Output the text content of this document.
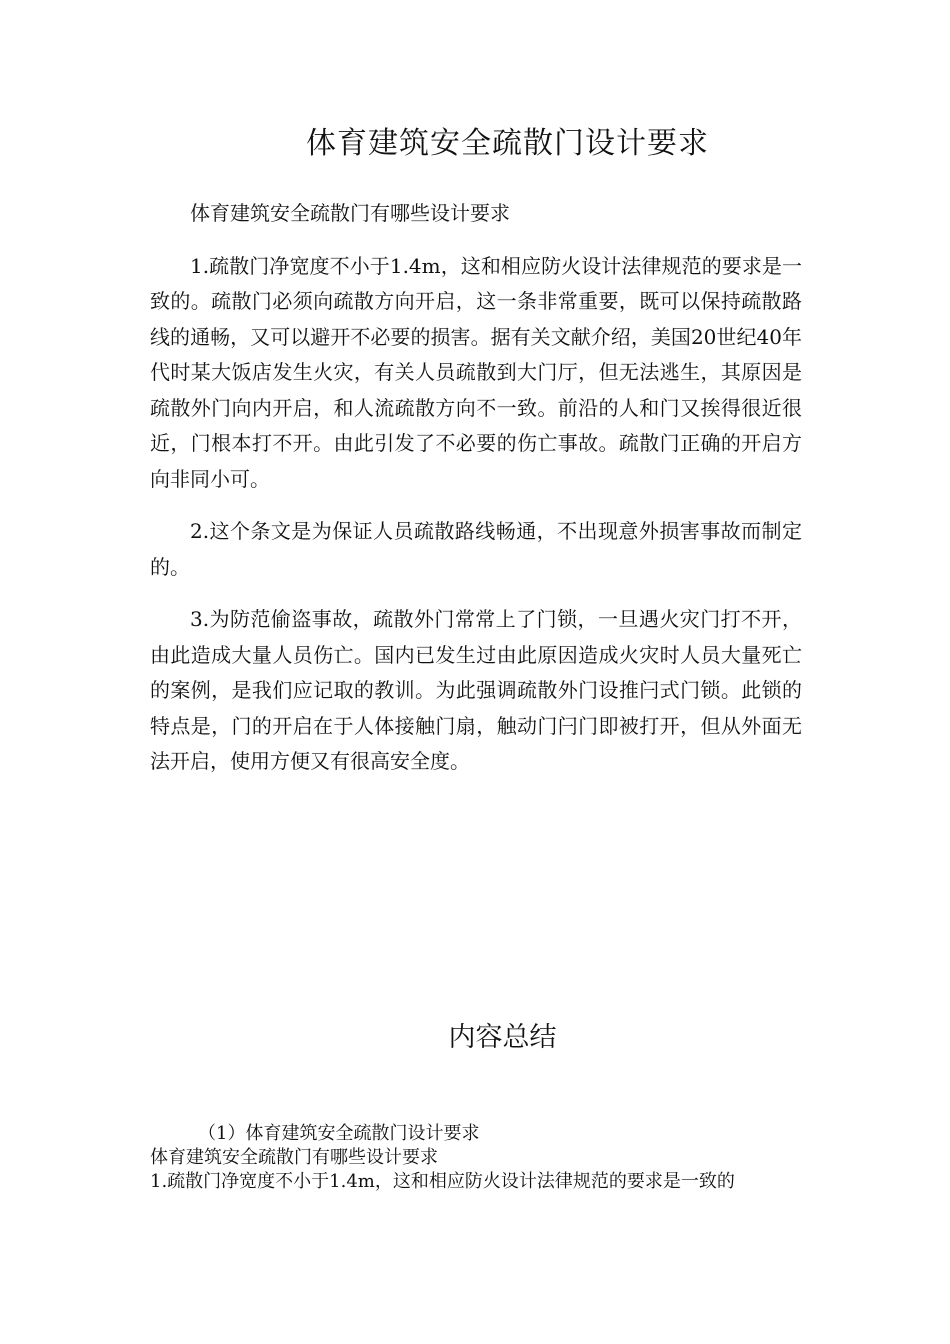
体育建筑安全疏散门设计要求

体育建筑安全疏散门有哪些设计要求

1.疏散门净宽度不小于1.4m，这和相应防火设计法律规范的要求是一致的。疏散门必须向疏散方向开启，这一条非常重要，既可以保持疏散路线的通畅，又可以避开不必要的损害。据有关文献介绍，美国20世纪40年代时某大饭店发生火灾，有关人员疏散到大门厅，但无法逃生，其原因是疏散外门向内开启，和人流疏散方向不一致。前沿的人和门又挨得很近很近，门根本打不开。由此引发了不必要的伤亡事故。疏散门正确的开启方向非同小可。

2.这个条文是为保证人员疏散路线畅通，不出现意外损害事故而制定的。

3.为防范偷盗事故，疏散外门常常上了门锁，一旦遇火灾门打不开，由此造成大量人员伤亡。国内已发生过由此原因造成火灾时人员大量死亡的案例，是我们应记取的教训。为此强调疏散外门设推闩式门锁。此锁的特点是，门的开启在于人体接触门扇，触动门闩门即被打开，但从外面无法开启，使用方便又有很高安全度。

内容总结

（1）体育建筑安全疏散门设计要求

体育建筑安全疏散门有哪些设计要求

1.疏散门净宽度不小于1.4m，这和相应防火设计法律规范的要求是一致的
